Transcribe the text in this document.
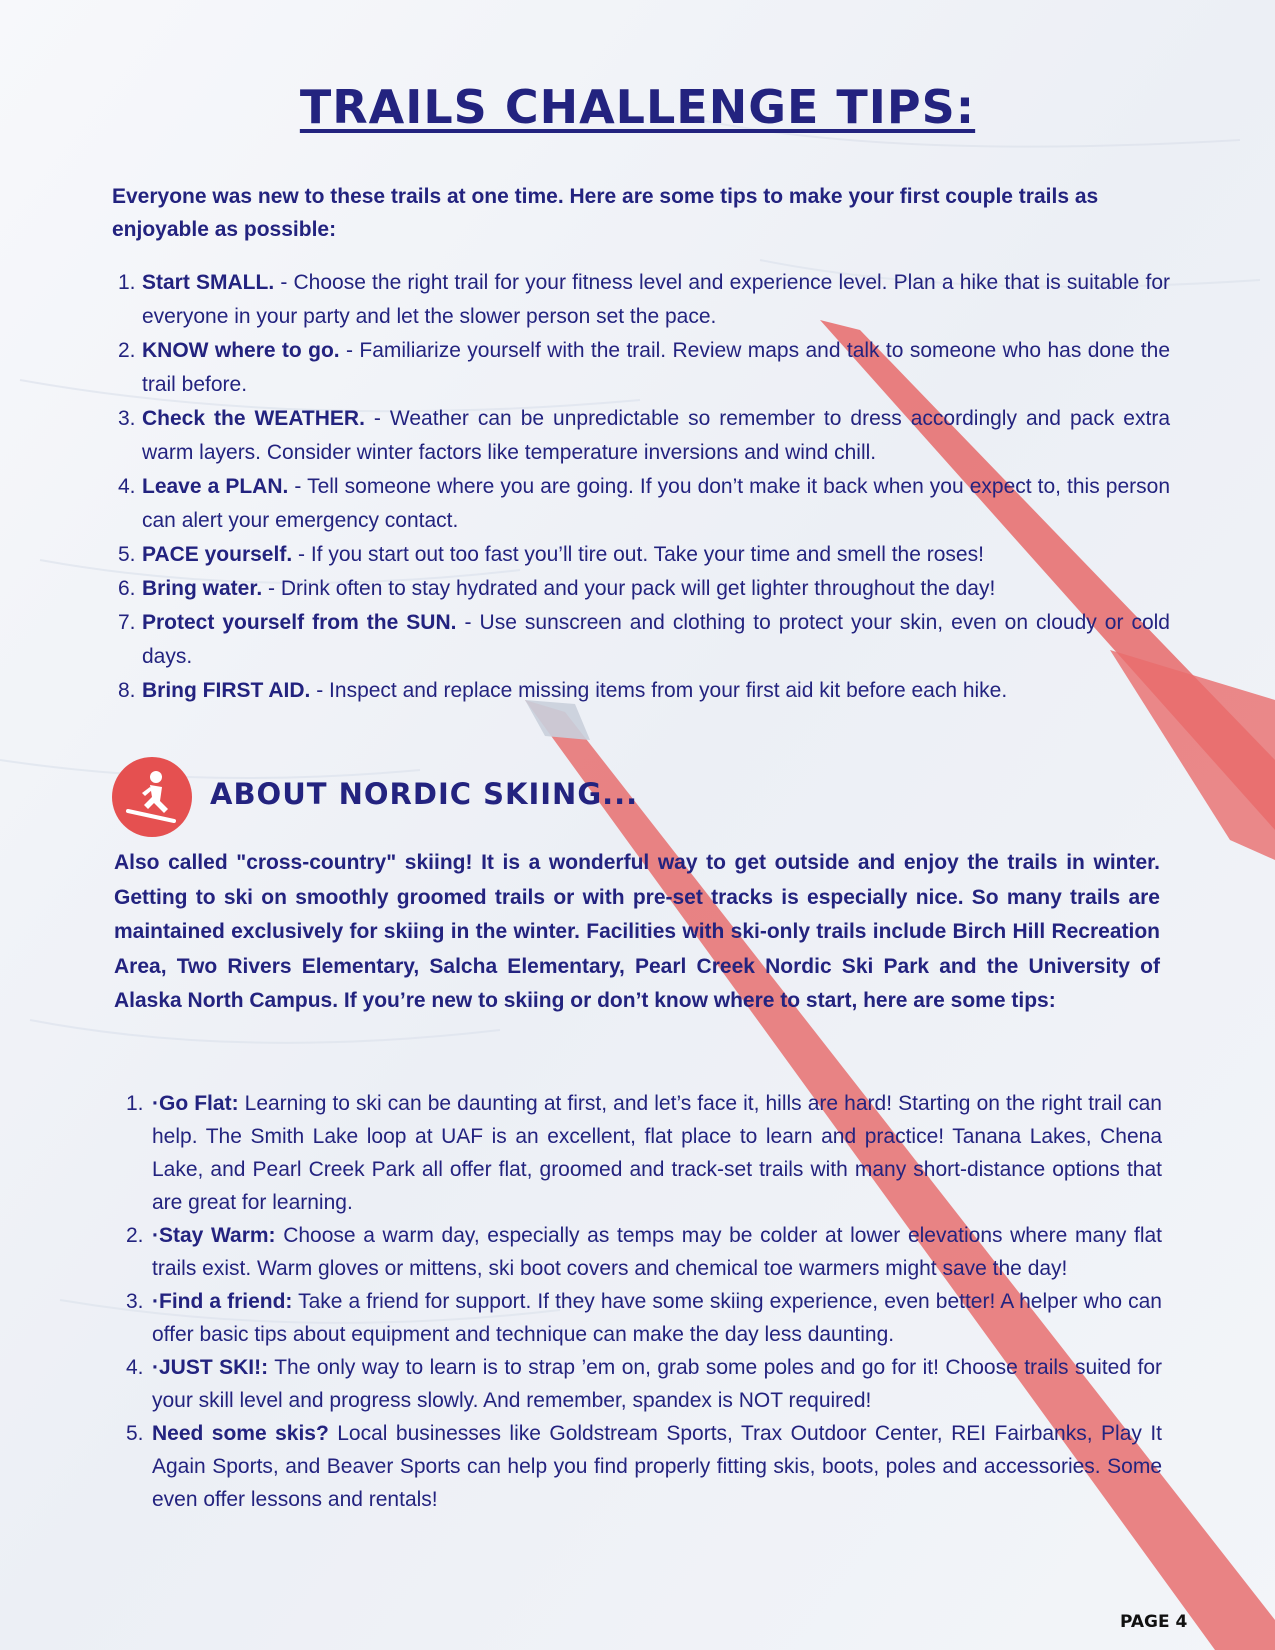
TRAILS CHALLENGE TIPS:

Everyone was new to these trails at one time. Here are some tips to make your first couple trails as enjoyable as possible:

1. Start SMALL. - Choose the right trail for your fitness level and experience level. Plan a hike that is suitable for everyone in your party and let the slower person set the pace.
2. KNOW where to go. - Familiarize yourself with the trail. Review maps and talk to someone who has done the trail before.
3. Check the WEATHER. - Weather can be unpredictable so remember to dress accordingly and pack extra warm layers. Consider winter factors like temperature inversions and wind chill.
4. Leave a PLAN. - Tell someone where you are going. If you don’t make it back when you expect to, this person can alert your emergency contact.
5. PACE yourself. - If you start out too fast you’ll tire out. Take your time and smell the roses!
6. Bring water. - Drink often to stay hydrated and your pack will get lighter throughout the day!
7. Protect yourself from the SUN. - Use sunscreen and clothing to protect your skin, even on cloudy or cold days.
8. Bring FIRST AID. - Inspect and replace missing items from your first aid kit before each hike.
ABOUT NORDIC SKIING...

Also called "cross-country" skiing! It is a wonderful way to get outside and enjoy the trails in winter. Getting to ski on smoothly groomed trails or with pre-set tracks is especially nice. So many trails are maintained exclusively for skiing in the winter. Facilities with ski-only trails include Birch Hill Recreation Area, Two Rivers Elementary, Salcha Elementary, Pearl Creek Nordic Ski Park and the University of Alaska North Campus. If you’re new to skiing or don’t know where to start, here are some tips:

1. ·Go Flat: Learning to ski can be daunting at first, and let’s face it, hills are hard! Starting on the right trail can help. The Smith Lake loop at UAF is an excellent, flat place to learn and practice! Tanana Lakes, Chena Lake, and Pearl Creek Park all offer flat, groomed and track-set trails with many short-distance options that are great for learning.
2. ·Stay Warm: Choose a warm day, especially as temps may be colder at lower elevations where many flat trails exist. Warm gloves or mittens, ski boot covers and chemical toe warmers might save the day!
3. ·Find a friend: Take a friend for support. If they have some skiing experience, even better! A helper who can offer basic tips about equipment and technique can make the day less daunting.
4. ·JUST SKI!: The only way to learn is to strap ’em on, grab some poles and go for it! Choose trails suited for your skill level and progress slowly. And remember, spandex is NOT required!
5. Need some skis? Local businesses like Goldstream Sports, Trax Outdoor Center, REI Fairbanks, Play It Again Sports, and Beaver Sports can help you find properly fitting skis, boots, poles and accessories. Some even offer lessons and rentals!

PAGE 4
